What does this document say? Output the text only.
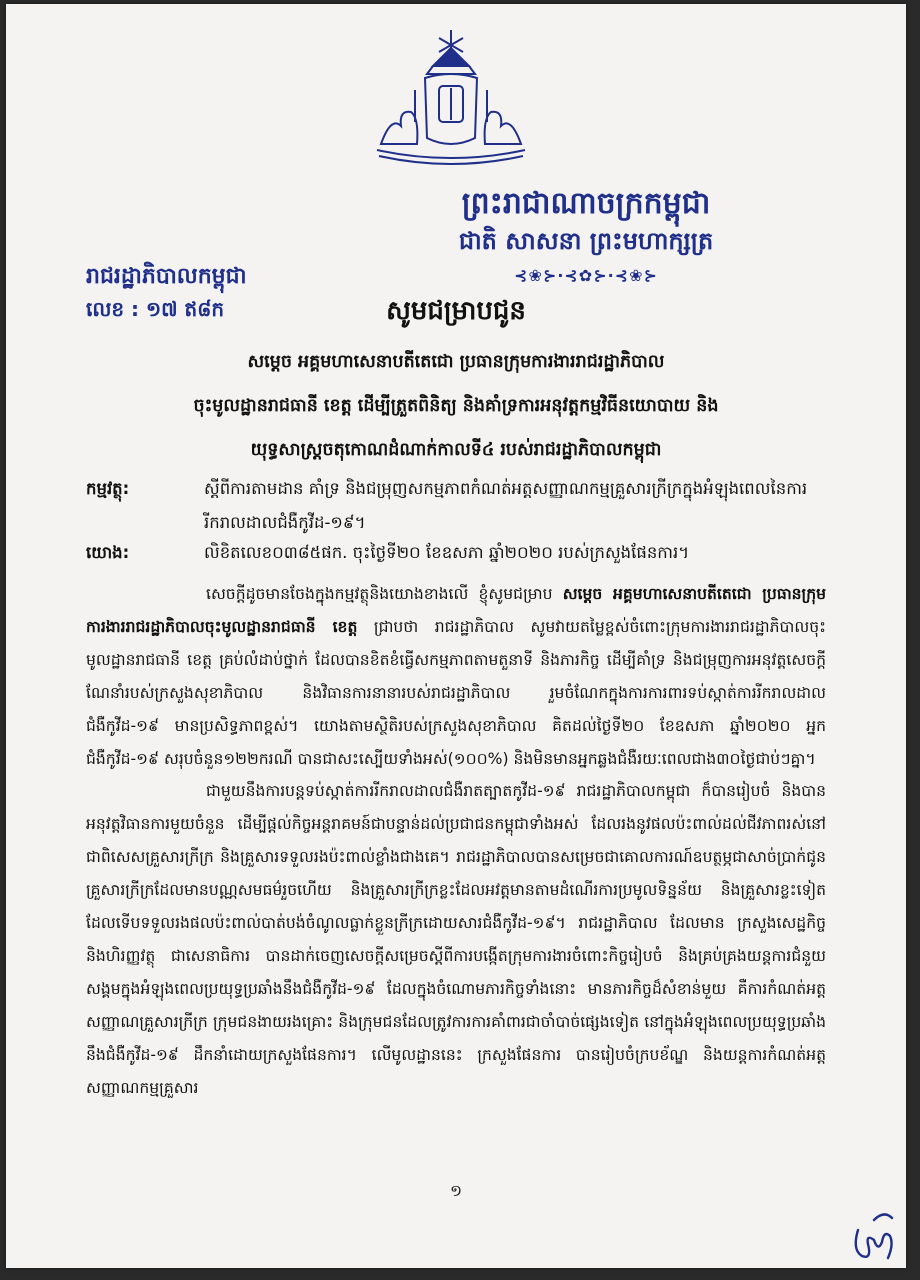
ព្រះរាជាណាចក្រកម្ពុជា
ជាតិ សាសនា ព្រះមហាក្សត្រ
⊰❀⊱⋅⊰✿⊱⋅⊰❀⊱
រាជរដ្ឋាភិបាលកម្ពុជា
លេខ : ១៧ ឥ៨ក	សូមជម្រាបជូន
សម្តេច អគ្គមហាសេនាបតីតេជោ ប្រធានក្រុមការងាររាជរដ្ឋាភិបាល
ចុះមូលដ្ឋានរាជធានី ខេត្ត ដើម្បីត្រួតពិនិត្យ និងគាំទ្រការអនុវត្តកម្មវិធីនយោបាយ និង
យុទ្ធសាស្ត្រចតុកោណដំណាក់កាលទី៤ របស់រាជរដ្ឋាភិបាលកម្ពុជា
កម្មវត្ថុ:	ស្តីពីការតាមដាន គាំទ្រ និងជម្រុញសកម្មភាពកំណត់អត្តសញ្ញាណកម្មគ្រួសារក្រីក្រក្នុងអំឡុងពេលនៃការរីករាលដាលជំងឺកូវីដ-១៩។
យោង:	លិខិតលេខ០៣៨៥ផក. ចុះថ្ងៃទី២០ ខែឧសភា ឆ្នាំ២០២០ របស់ក្រសួងផែនការ។

សេចក្តីដូចមានចែងក្នុងកម្មវត្ថុនិងយោងខាងលើ ខ្ញុំសូមជម្រាប សម្តេច អគ្គមហាសេនាបតីតេជោ ប្រធានក្រុមការងាររាជរដ្ឋាភិបាលចុះមូលដ្ឋានរាជធានី ខេត្ត ជ្រាបថា រាជរដ្ឋាភិបាល សូមវាយតម្លៃខ្ពស់ចំពោះក្រុមការងាររាជរដ្ឋាភិបាលចុះមូលដ្ឋានរាជធានី ខេត្ត គ្រប់លំដាប់ថ្នាក់ ដែលបានខិតខំធ្វើសកម្មភាពតាមតួនាទី និងភារកិច្ច ដើម្បីគាំទ្រ និងជម្រុញការអនុវត្តសេចក្តីណែនាំរបស់ក្រសួងសុខាភិបាល និងវិធានការនានារបស់រាជរដ្ឋាភិបាល រួមចំណែកក្នុងការការពារទប់ស្កាត់ការរីករាលដាលជំងឺកូវីដ-១៩ មានប្រសិទ្ធភាពខ្ពស់។ យោងតាមស្ថិតិរបស់ក្រសួងសុខាភិបាល គិតដល់ថ្ងៃទី២០ ខែឧសភា ឆ្នាំ២០២០ អ្នកជំងឺកូវីដ-១៩ សរុបចំនួន១២២ករណី បានជាសះស្បើយទាំងអស់(១០០%) និងមិនមានអ្នកឆ្លងជំងឺរយៈពេលជាង៣០ថ្ងៃជាប់ៗគ្នា។

ជាមួយនឹងការបន្តទប់ស្កាត់ការរីករាលដាលជំងឺរាតត្បាតកូវីដ-១៩ រាជរដ្ឋាភិបាលកម្ពុជា ក៏បានរៀបចំ និងបានអនុវត្តវិធានការមួយចំនួន ដើម្បីផ្តល់កិច្ចអន្តរាគមន៍ជាបន្ទាន់ដល់ប្រជាជនកម្ពុជាទាំងអស់ ដែលរងនូវផលប៉ះពាល់ដល់ជីវភាពរស់នៅ ជាពិសេសគ្រួសារក្រីក្រ និងគ្រួសារទទួលរងប៉ះពាល់ខ្លាំងជាងគេ។ រាជរដ្ឋាភិបាលបានសម្រេចជាគោលការណ៍ឧបត្ថម្ភជាសាច់ប្រាក់ជូនគ្រួសារក្រីក្រដែលមានបណ្ណសមធម៌រួចហើយ និងគ្រួសារក្រីក្រខ្លះដែលអវត្តមានតាមដំណើរការប្រមូលទិន្នន័យ និងគ្រួសារខ្លះទៀតដែលទើបទទួលរងផលប៉ះពាល់បាត់បង់ចំណូលធ្លាក់ខ្លួនក្រីក្រដោយសារជំងឺកូវីដ-១៩។ រាជរដ្ឋាភិបាល ដែលមាន ក្រសួងសេដ្ឋកិច្ច និងហិរញ្ញវត្ថុ ជាសេនាធិការ បានដាក់ចេញសេចក្តីសម្រេចស្តីពីការបង្កើតក្រុមការងារចំពោះកិច្ចរៀបចំ និងគ្រប់គ្រងយន្តការជំនួយសង្គមក្នុងអំឡុងពេលប្រយុទ្ធប្រឆាំងនឹងជំងឺកូវីដ-១៩ ដែលក្នុងចំណោមភារកិច្ចទាំងនោះ មានភារកិច្ចដ៏សំខាន់មួយ គឺការកំណត់អត្តសញ្ញាណគ្រួសារក្រីក្រ ក្រុមជនងាយរងគ្រោះ និងក្រុមជនដែលត្រូវការការគាំពារជាចាំបាច់ផ្សេងទៀត នៅក្នុងអំឡុងពេលប្រយុទ្ធប្រឆាំងនឹងជំងឺកូវីដ-១៩ ដឹកនាំដោយក្រសួងផែនការ។ លើមូលដ្ឋាននេះ ក្រសួងផែនការ បានរៀបចំក្របខ័ណ្ឌ និងយន្តការកំណត់អត្តសញ្ញាណកម្មគ្រួសារ

១
